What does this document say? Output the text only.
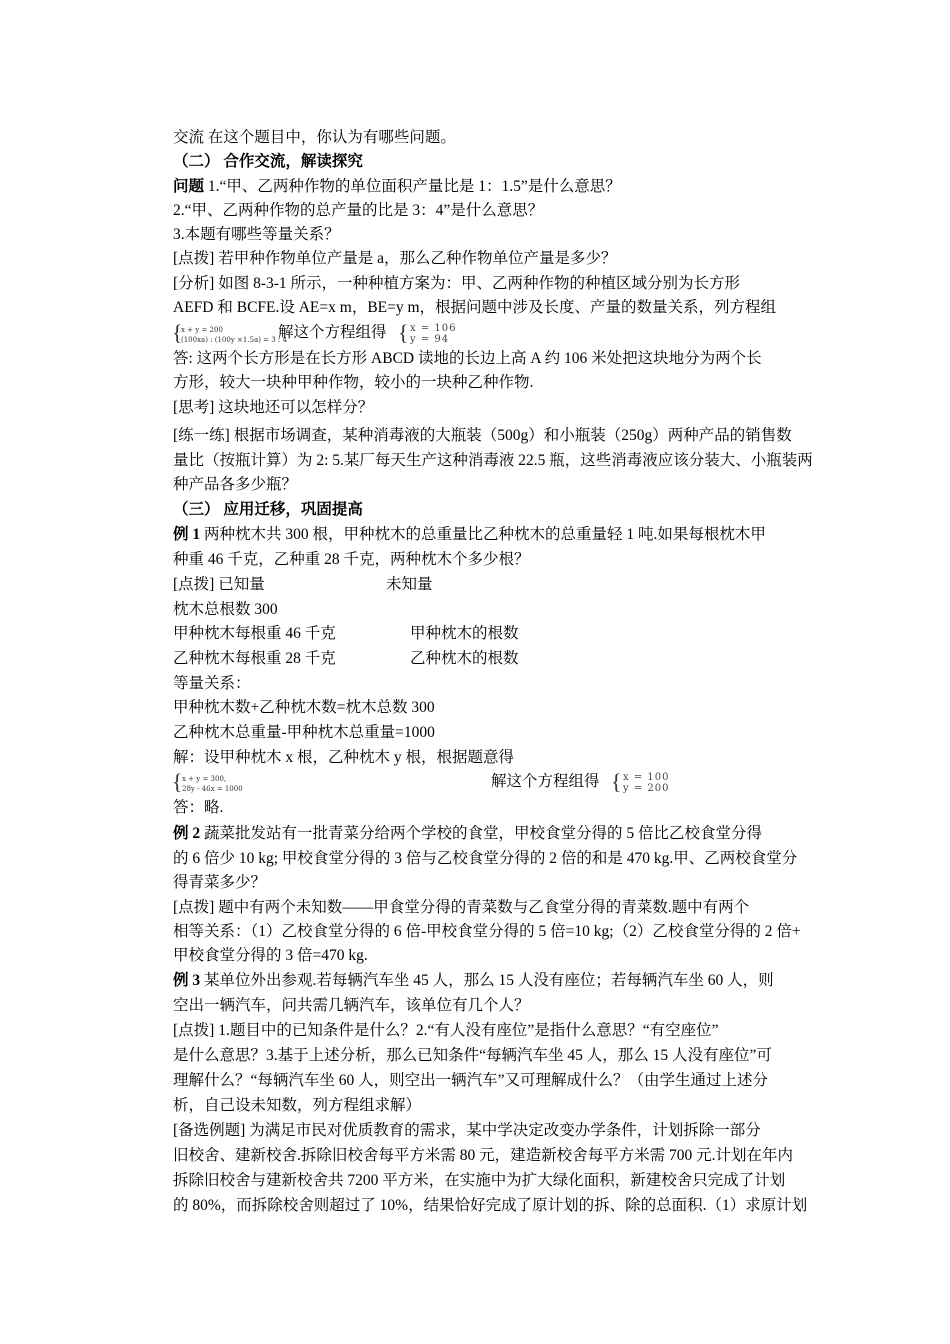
交流 在这个题目中，你认为有哪些问题。
（二） 合作交流，解读探究
问题 1.“甲、乙两种作物的单位面积产量比是 1：1.5”是什么意思？
2.“甲、乙两种作物的总产量的比是 3：4”是什么意思？
3.本题有哪些等量关系？
[点拨] 若甲种作物单位产量是 a，那么乙种作物单位产量是多少？
[分析] 如图 8-3-1 所示，一种种植方案为：甲、乙两种作物的种植区域分别为长方形
AEFD 和 BCFE.设 AE=x m，BE=y m，根据问题中涉及长度、产量的数量关系，列方程组
{
x + y = 200
(100xa) : (100y ×1.5a) = 3 : 4
解这个方程组得 { x = 106
y = 94
答: 这两个长方形是在长方形 ABCD 读地的长边上高 A 约 106 米处把这块地分为两个长
方形，较大一块种甲种作物，较小的一块种乙种作物.
[思考] 这块地还可以怎样分？
[练一练] 根据市场调查，某种消毒液的大瓶装（500g）和小瓶装（250g）两种产品的销售数
量比（按瓶计算）为 2: 5.某厂每天生产这种消毒液 22.5 瓶，这些消毒液应该分装大、小瓶装两
种产品各多少瓶？
（三） 应用迁移，巩固提高
例 1 两种枕木共 300 根，甲种枕木的总重量比乙种枕木的总重量轻 1 吨.如果每根枕木甲
种重 46 千克，乙种重 28 千克，两种枕木个多少根？
[点拨] 已知量	未知量
枕木总根数 300
甲种枕木每根重 46 千克	甲种枕木的根数
乙种枕木每根重 28 千克	乙种枕木的根数
等量关系：
甲种枕木数+乙种枕木数=枕木总数 300
乙种枕木总重量-甲种枕木总重量=1000
解：设甲种枕木 x 根，乙种枕木 y 根，根据题意得
{ x + y = 300,
28y - 46x = 1000	解这个方程组得 { x = 100
y = 200
答：略.
例 2 蔬菜批发站有一批青菜分给两个学校的食堂，甲校食堂分得的 5 倍比乙校食堂分得
的 6 倍少 10 kg; 甲校食堂分得的 3 倍与乙校食堂分得的 2 倍的和是 470 kg.甲、乙两校食堂分
得青菜多少？
[点拨] 题中有两个未知数——甲食堂分得的青菜数与乙食堂分得的青菜数.题中有两个
相等关系：（1）乙校食堂分得的 6 倍-甲校食堂分得的 5 倍=10 kg;（2）乙校食堂分得的 2 倍+
甲校食堂分得的 3 倍=470 kg.
例 3 某单位外出参观.若每辆汽车坐 45 人，那么 15 人没有座位；若每辆汽车坐 60 人，则
空出一辆汽车，问共需几辆汽车，该单位有几个人？
[点拨] 1.题目中的已知条件是什么？2.“有人没有座位”是指什么意思？“有空座位”
是什么意思？3.基于上述分析，那么已知条件“每辆汽车坐 45 人，那么 15 人没有座位”可
理解什么？“每辆汽车坐 60 人，则空出一辆汽车”又可理解成什么？（由学生通过上述分
析，自己设未知数，列方程组求解）
[备选例题] 为满足市民对优质教育的需求，某中学决定改变办学条件，计划拆除一部分
旧校舍、建新校舍.拆除旧校舍每平方米需 80 元，建造新校舍每平方米需 700 元.计划在年内
拆除旧校舍与建新校舍共 7200 平方米，在实施中为扩大绿化面积，新建校舍只完成了计划
的 80%，而拆除校舍则超过了 10%，结果恰好完成了原计划的拆、除的总面积.（1）求原计划
